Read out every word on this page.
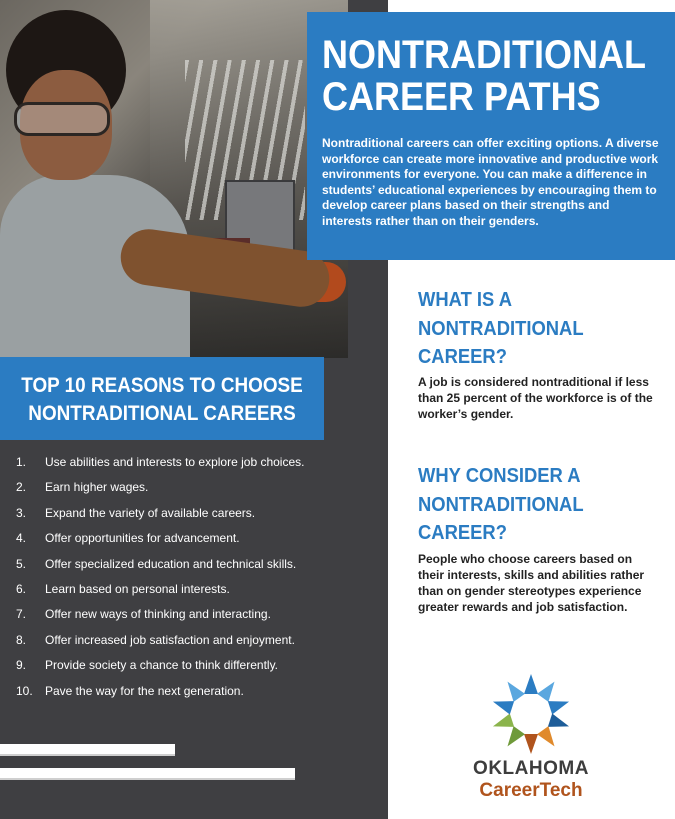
NONTRADITIONAL
CAREER PATHS

Nontraditional careers can offer exciting options. A diverse workforce can create more innovative and productive work environments for everyone. You can make a difference in students’ educational experiences by encouraging them to develop career plans based on their strengths and interests rather than on their genders.

TOP 10 REASONS TO CHOOSE
NONTRADITIONAL CAREERS
1.	Use abilities and interests to explore job choices.
2.	Earn higher wages.
3.	Expand the variety of available careers.
4.	Offer opportunities for advancement.
5.	Offer specialized education and technical skills.
6.	Learn based on personal interests.
7.	Offer new ways of thinking and interacting.
8.	Offer increased job satisfaction and enjoyment.
9.	Provide society a chance to think differently.
10.	Pave the way for the next generation.
WHAT IS A
NONTRADITIONAL
CAREER?

A job is considered nontraditional if less than 25 percent of the workforce is of the worker’s gender.

WHY CONSIDER A
NONTRADITIONAL
CAREER?

People who choose careers based on their interests, skills and abilities rather than on gender stereotypes experience greater rewards and job satisfaction.

OKLAHOMA
CareerTech
